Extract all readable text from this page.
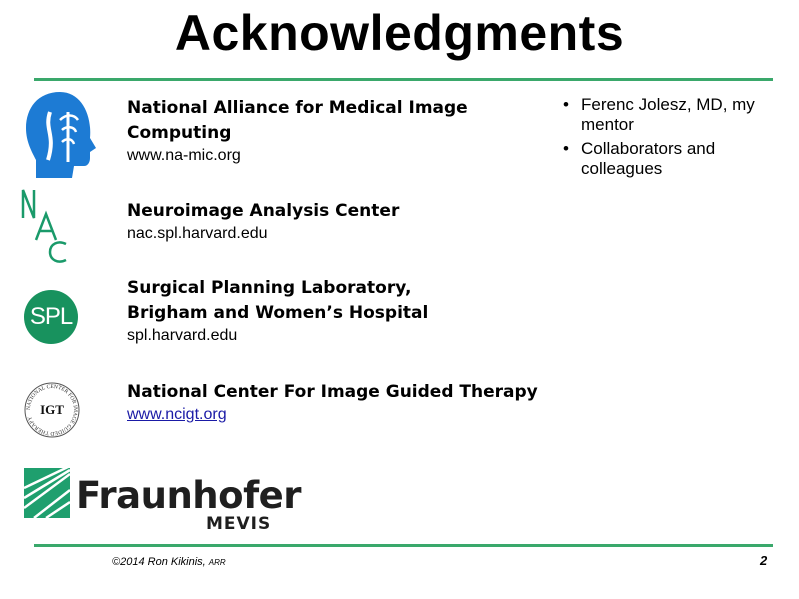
Acknowledgments
SPL
NATIONAL CENTER FOR IMAGE GUIDED THERAPY
IGT
Fraunhofer
MEVIS
National Alliance for Medical Image
Computing
www.na-mic.org
Neuroimage Analysis Center
nac.spl.harvard.edu
Surgical Planning Laboratory,
Brigham and Women’s Hospital
spl.harvard.edu
National Center For Image Guided Therapy
www.ncigt.org
• Ferenc Jolesz, MD, my mentor
• Collaborators and colleagues
©2014 Ron Kikinis, ARR	2
